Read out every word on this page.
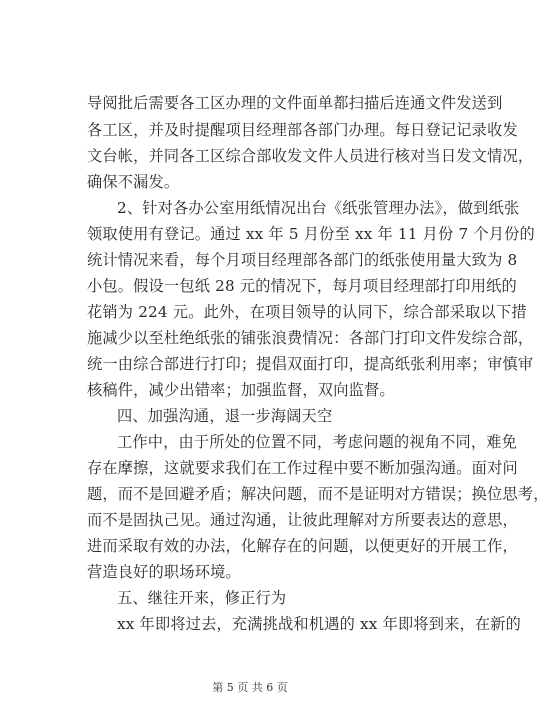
导阅批后需要各工区办理的文件面单都扫描后连通文件发送到
各工区，并及时提醒项目经理部各部门办理。每日登记记录收发
文台帐，并同各工区综合部收发文件人员进行核对当日发文情况，
确保不漏发。
2、针对各办公室用纸情况出台《纸张管理办法》，做到纸张
领取使用有登记。通过 xx 年 5 月份至 xx 年 11 月份 7 个月份的
统计情况来看，每个月项目经理部各部门的纸张使用量大致为 8
小包。假设一包纸 28 元的情况下，每月项目经理部打印用纸的
花销为 224 元。此外，在项目领导的认同下，综合部采取以下措
施减少以至杜绝纸张的铺张浪费情况：各部门打印文件发综合部，
统一由综合部进行打印；提倡双面打印，提高纸张利用率；审慎审
核稿件，减少出错率；加强监督，双向监督。
四、加强沟通，退一步海阔天空
工作中，由于所处的位置不同，考虑问题的视角不同，难免
存在摩擦，这就要求我们在工作过程中要不断加强沟通。面对问
题，而不是回避矛盾；解决问题，而不是证明对方错误；换位思考，
而不是固执己见。通过沟通，让彼此理解对方所要表达的意思，
进而采取有效的办法，化解存在的问题，以便更好的开展工作，
营造良好的职场环境。
五、继往开来，修正行为
xx 年即将过去，充满挑战和机遇的 xx 年即将到来，在新的
第 5 页 共 6 页
